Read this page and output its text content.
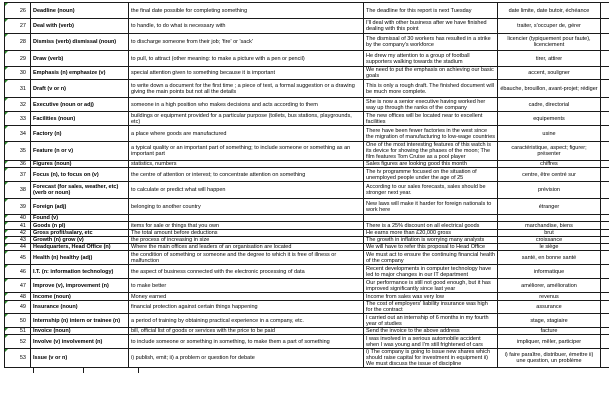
26	Deadline (noun)	the final date possible for completing something	The deadline for this report is next Tuesday	date limite, date butoir, échéance	

27	Deal with (verb)	to handle, to do what is necessary with	I'll deal with other business after we have finished dealing with this point	traiter, s'occuper de, gérer	

28	Dismiss (verb) dismissal (noun)	to discharge someone from their job; 'fire' or 'sack'	The dismissal of 30 workers has resulted in a strike by the company's workforce	licencier (typiquement pour faute), licenciement	

29	Draw (verb)	to pull, to attract (other meaning: to make a picture with a pen or pencil)	He drew my attention to a group of football supporters walking towards the stadium	tirer, attirer	

30	Emphasis (n) emphasize (v)	special attention given to something because it is important	We need to put the emphasis on achieving our basic goals	accent, souligner	

31	Draft (v or n)	to write down a document for the first time ; a piece of text, a formal suggestion or a drawing giving the main points but not all the details	This is only a rough draft. The finished document will be much more complete.	ébauche, brouillon, avant-projet; rédiger	

32	Executive (noun or adj)	someone in a high position who makes decisions and acts according to them	She is now a senior executive having worked her way up through the ranks of the company	cadre, directorial	

33	Facilities (noun)	buildings or equipment provided for a particular purpose (toilets, bus stations, playgrounds, etc)	The new offices will be located near to excellent facilities	equipements	

34	Factory (n)	a place where goods are manufactured	There have been fewer factories in the west since the migration of manufacturing to low-wage countries	usine	

35	Feature (n or v)	a typical quality or an important part of something; to include someone or something as an important part	One of the most interesting features of this watch is its device for showing the phases of the moon; The film features Tom Cruise as a pool player	caractéristique, aspect; figurer; présenter	

36	Figures (noun)	statistics, numbers	Sales figures are looking good this month	chiffres	

37	Focus (n), to focus on (v)	the centre of attention or interest; to concentrate attention on something	The tv programme focused on the situation of unemployed people under the age of 25	centre, être centré sur	

38	Forecast (for sales, weather, etc) (verb or noun)	to calculate or predict what will happen	According to our sales forecasts, sales should be stronger next year.	prévision	

39	Foreign (adj)	belonging to another country	New laws will make it harder for foreign nationals to work here	étranger	

40	Found (v)				

41	Goods (n pl)	items for sale or things that you own	There is a 25% discount on all electrical goods	marchandise, biens	

42	Gross profit/salary, etc	The total amount before deductions	He earns more than £20,000 gross	brut	

43	Growth (n) grow (v)	the process of increasing in size	The growth in inflation is worrying many analysts	croissance	

44	Headquarters, Head Office (n)	Where the main offices and leaders of an organisation are located	We will have to refer this proposal to Head Office	le siège	

45	Health (n) healthy (adj)	the condition of something or someone and the degree to which it is free of illness or malfunction	We must act to ensure the continuing financial health of the company	santé, en bonne santé	

46	I.T. (n: information technology)	the aspect of business connected with the electronic processing of data	Recent developments in computer technology have led to major changes in our IT department	informatique	

47	Improve (v), improvement (n)	to make better	Our performance is still not good enough, but it has improved significantly since last year	améliorer, amélioration	

48	Income (noun)	Money earned	Income from sales was very low	revenus	

49	Insurance (noun)	financial protection against certain things happening	The cost of employers' liability insurance was high for the contract	assurance	

50	Internship (n) intern or trainee (n)	a period of training by obtaining practical experience in a company, etc.	I carried out an internship of 6 months in my fourth year of studies	stage, stagiaire	

51	Invoice (noun)	bill, official list of goods or services with the price to be paid	Send the invoice to the above address	facture	

52	Involve (v) involvement (n)	to include someone or something in something, to make them a part of something	I was involved in a serious automobile accident when I was young and I'm still frightened of cars	impliquer, mêler, participer	

53	Issue (v or n)	i) publish, emit; ii) a problem or question for debate	i) The company is going to issue new shares which should raise capital for investment in equipment ii) We must discuss the issue of discipline	i) faire paraître, distribuer, émettre ii) une question, un problème	
